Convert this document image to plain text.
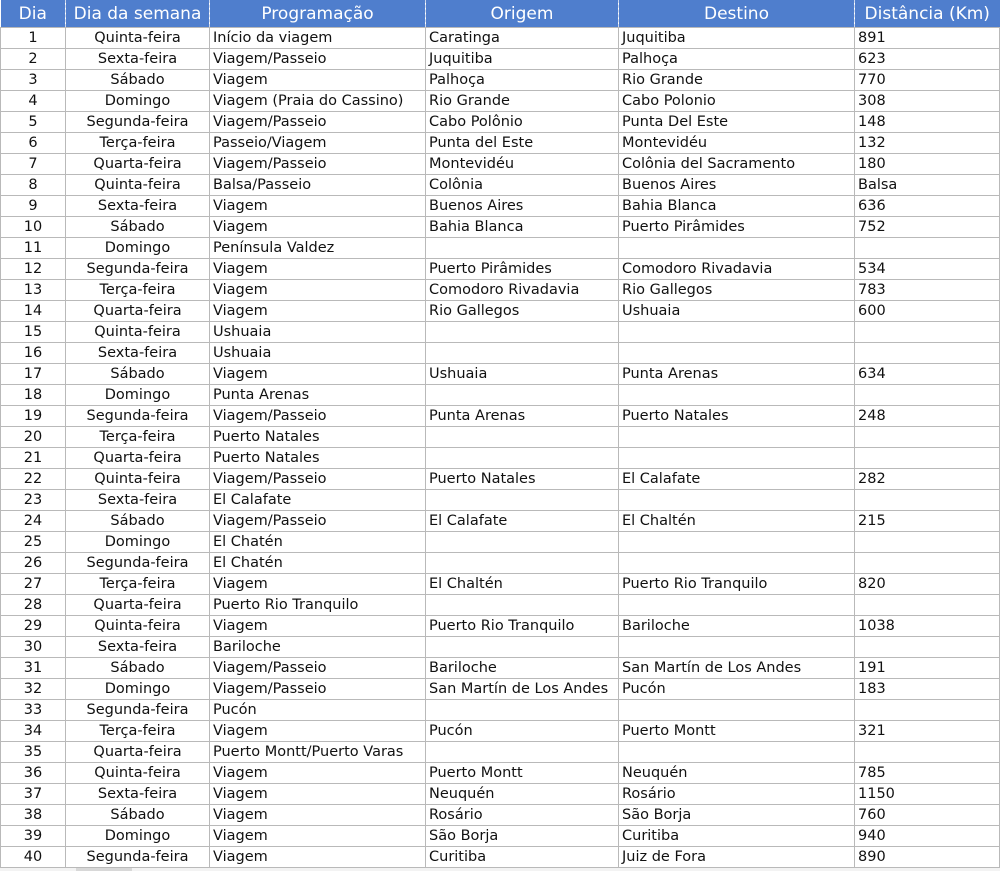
Dia	Dia da semana	Programação	Origem	Destino	Distância (Km)
1	Quinta-feira	Início da viagem	Caratinga	Juquitiba	891
2	Sexta-feira	Viagem/Passeio	Juquitiba	Palhoça	623
3	Sábado	Viagem	Palhoça	Rio Grande	770
4	Domingo	Viagem (Praia do Cassino)	Rio Grande	Cabo Polonio	308
5	Segunda-feira	Viagem/Passeio	Cabo Polônio	Punta Del Este	148
6	Terça-feira	Passeio/Viagem	Punta del Este	Montevidéu	132
7	Quarta-feira	Viagem/Passeio	Montevidéu	Colônia del Sacramento	180
8	Quinta-feira	Balsa/Passeio	Colônia	Buenos Aires	Balsa
9	Sexta-feira	Viagem	Buenos Aires	Bahia Blanca	636
10	Sábado	Viagem	Bahia Blanca	Puerto Pirâmides	752
11	Domingo	Península Valdez			
12	Segunda-feira	Viagem	Puerto Pirâmides	Comodoro Rivadavia	534
13	Terça-feira	Viagem	Comodoro Rivadavia	Rio Gallegos	783
14	Quarta-feira	Viagem	Rio Gallegos	Ushuaia	600
15	Quinta-feira	Ushuaia			
16	Sexta-feira	Ushuaia			
17	Sábado	Viagem	Ushuaia	Punta Arenas	634
18	Domingo	Punta Arenas			
19	Segunda-feira	Viagem/Passeio	Punta Arenas	Puerto Natales	248
20	Terça-feira	Puerto Natales			
21	Quarta-feira	Puerto Natales			
22	Quinta-feira	Viagem/Passeio	Puerto Natales	El Calafate	282
23	Sexta-feira	El Calafate			
24	Sábado	Viagem/Passeio	El Calafate	El Chaltén	215
25	Domingo	El Chatén			
26	Segunda-feira	El Chatén			
27	Terça-feira	Viagem	El Chaltén	Puerto Rio Tranquilo	820
28	Quarta-feira	Puerto Rio Tranquilo			
29	Quinta-feira	Viagem	Puerto Rio Tranquilo	Bariloche	1038
30	Sexta-feira	Bariloche			
31	Sábado	Viagem/Passeio	Bariloche	San Martín de Los Andes	191
32	Domingo	Viagem/Passeio	San Martín de Los Andes	Pucón	183
33	Segunda-feira	Pucón			
34	Terça-feira	Viagem	Pucón	Puerto Montt	321
35	Quarta-feira	Puerto Montt/Puerto Varas			
36	Quinta-feira	Viagem	Puerto Montt	Neuquén	785
37	Sexta-feira	Viagem	Neuquén	Rosário	1150
38	Sábado	Viagem	Rosário	São Borja	760
39	Domingo	Viagem	São Borja	Curitiba	940
40	Segunda-feira	Viagem	Curitiba	Juiz de Fora	890
